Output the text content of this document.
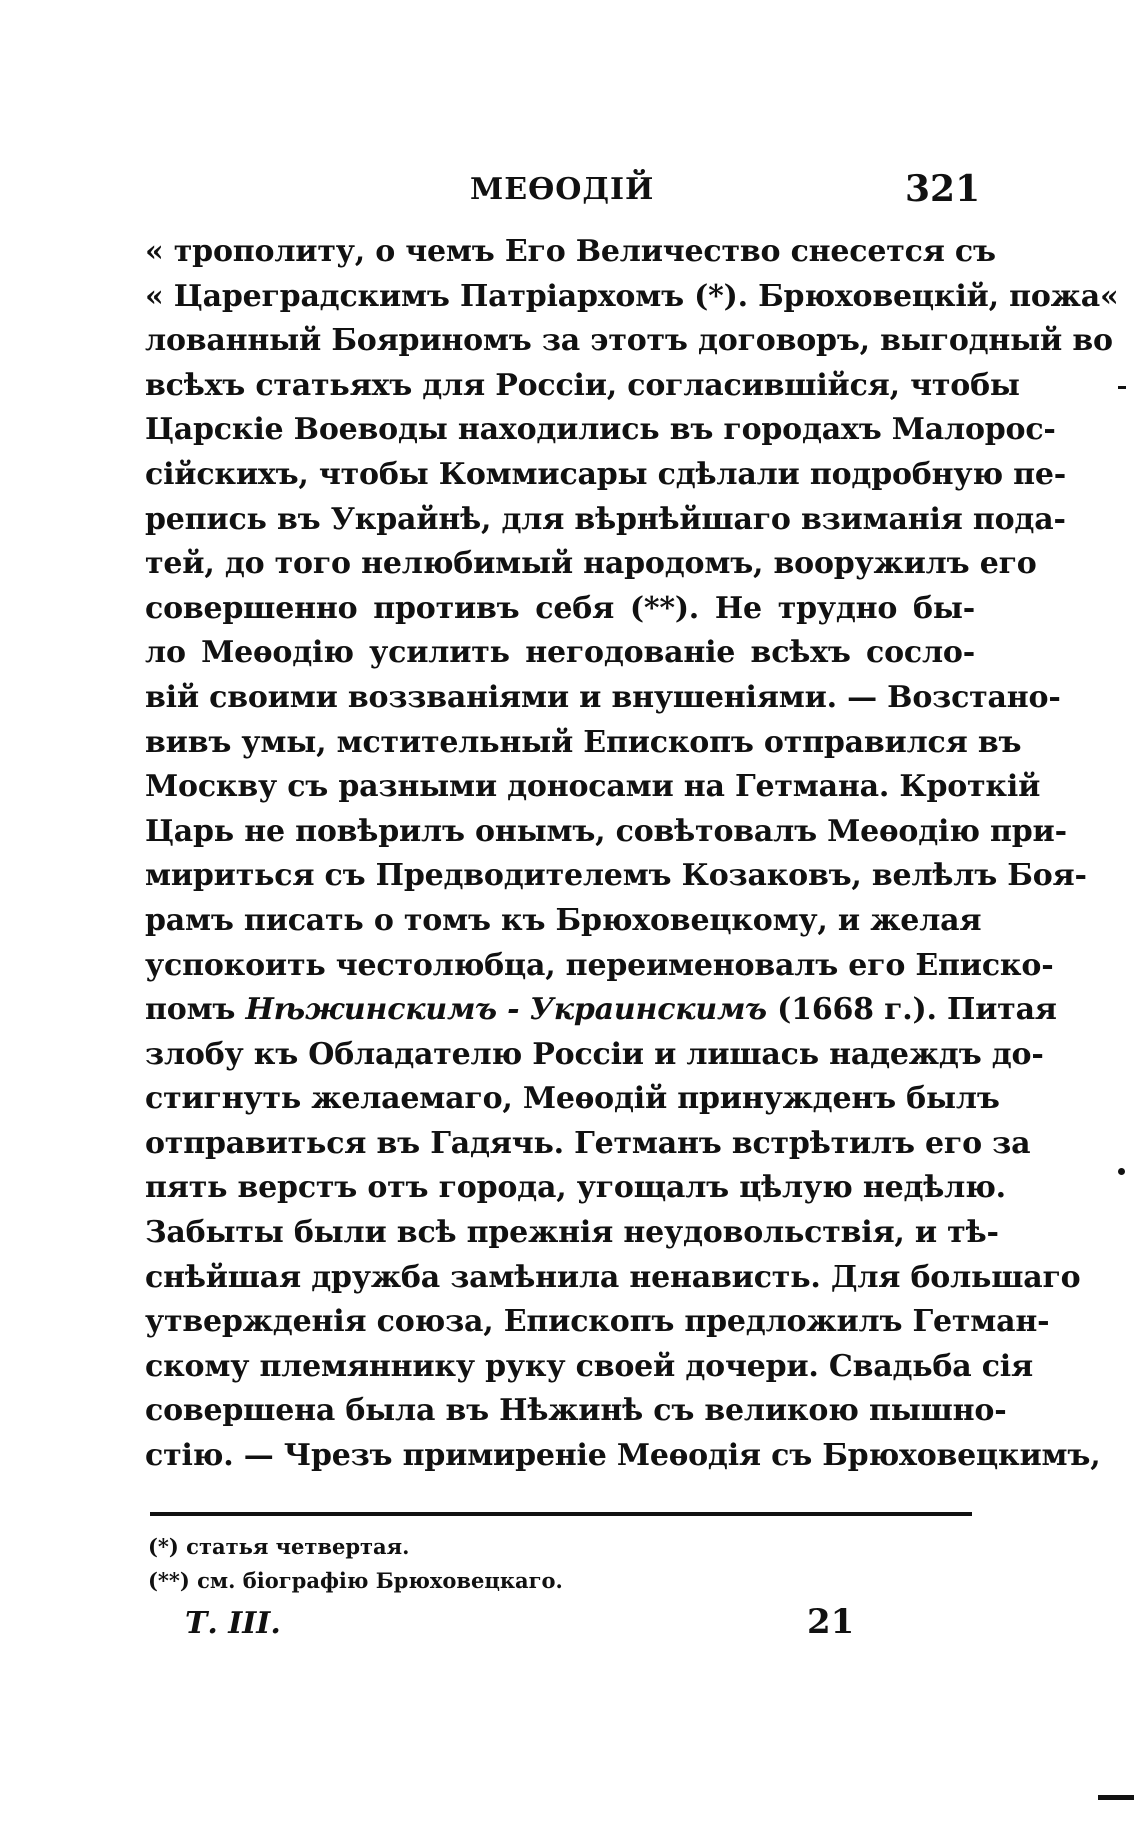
МЕѲОДІЙ	321
« трополиту, о чемъ Его Величество снесется съ
« Цареградскимъ Патріархомъ (*). Брюховецкій, пожа«
лованный Бояриномъ за этотъ договоръ, выгодный во
всѣхъ статьяхъ для Россіи, согласившійся, чтобы
Царскіе Воеводы находились въ городахъ Малорос-
сійскихъ, чтобы Коммисары сдѣлали подробную пе-
репись въ Украйнѣ, для вѣрнѣйшаго взиманія пода-
тей, до того нелюбимый народомъ, вооружилъ его
совершенно противъ себя (**). Не трудно бы-
ло Меѳодію усилить негодованіе всѣхъ сосло-
вій своими воззваніями и внушеніями. — Возстано-
вивъ умы, мстительный Епископъ отправился въ
Москву съ разными доносами на Гетмана. Кроткій
Царь не повѣрилъ онымъ, совѣтовалъ Меѳодію при-
мириться съ Предводителемъ Козаковъ, велѣлъ Боя-
рамъ писать о томъ къ Брюховецкому, и желая
успокоить честолюбца, переименовалъ его Еписко-
помъ Нѣжинскимъ - Украинскимъ (1668 г.). Питая
злобу къ Обладателю Россіи и лишась надеждъ до-
стигнуть желаемаго, Меѳодій принужденъ былъ
отправиться въ Гадячь. Гетманъ встрѣтилъ его за
пять верстъ отъ города, угощалъ цѣлую недѣлю.
Забыты были всѣ прежнія неудовольствія, и тѣ-
снѣйшая дружба замѣнила ненависть. Для большаго
утвержденія союза, Епископъ предложилъ Гетман-
скому племяннику руку своей дочери. Свадьба сія
совершена была въ Нѣжинѣ съ великою пышно-
стію. — Чрезъ примиреніе Меѳодія съ Брюховецкимъ,
(*) статья четвертая.
(**) см. біографію Брюховецкаго.
Т. III.	21
